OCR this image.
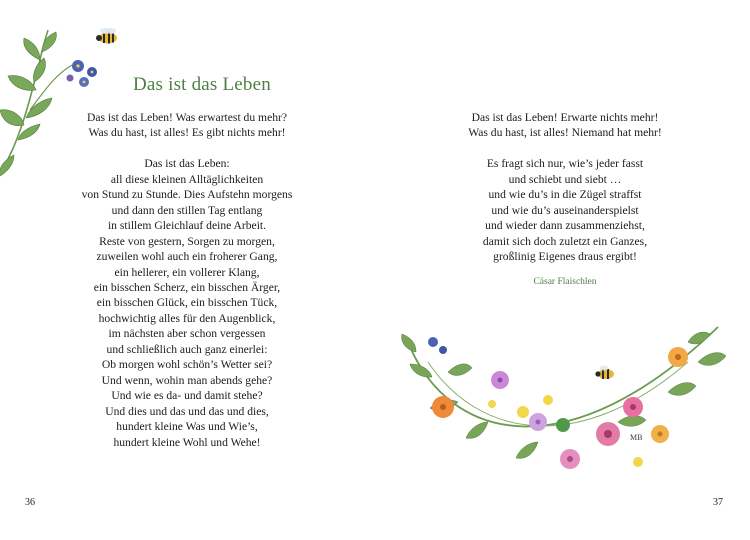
Das ist das Leben
Das ist das Leben! Was erwartest du mehr?
Was du hast, ist alles! Es gibt nichts mehr!
Das ist das Leben:
all diese kleinen Alltäglichkeiten
von Stund zu Stunde. Dies Aufstehn morgens
und dann den stillen Tag entlang
in stillem Gleichlauf deine Arbeit.
Reste von gestern, Sorgen zu morgen,
zuweilen wohl auch ein froherer Gang,
ein hellerer, ein vollerer Klang,
ein bisschen Scherz, ein bisschen Ärger,
ein bisschen Glück, ein bisschen Tück,
hochwichtig alles für den Augenblick,
im nächsten aber schon vergessen
und schließlich auch ganz einerlei:
Ob morgen wohl schön’s Wetter sei?
Und wenn, wohin man abends gehe?
Und wie es da- und damit stehe?
Und dies und das und das und dies,
hundert kleine Was und Wie’s,
hundert kleine Wohl und Wehe!
Das ist das Leben! Erwarte nichts mehr!
Was du hast, ist alles! Niemand hat mehr!
Es fragt sich nur, wie’s jeder fasst
und schiebt und siebt …
und wie du’s in die Zügel straffst
und wie du’s auseinanderspielst
und wieder dann zusammenziehst,
damit sich doch zuletzt ein Ganzes,
großlinig Eigenes draus ergibt!
Cäsar Flaischlen
MB
36	37
